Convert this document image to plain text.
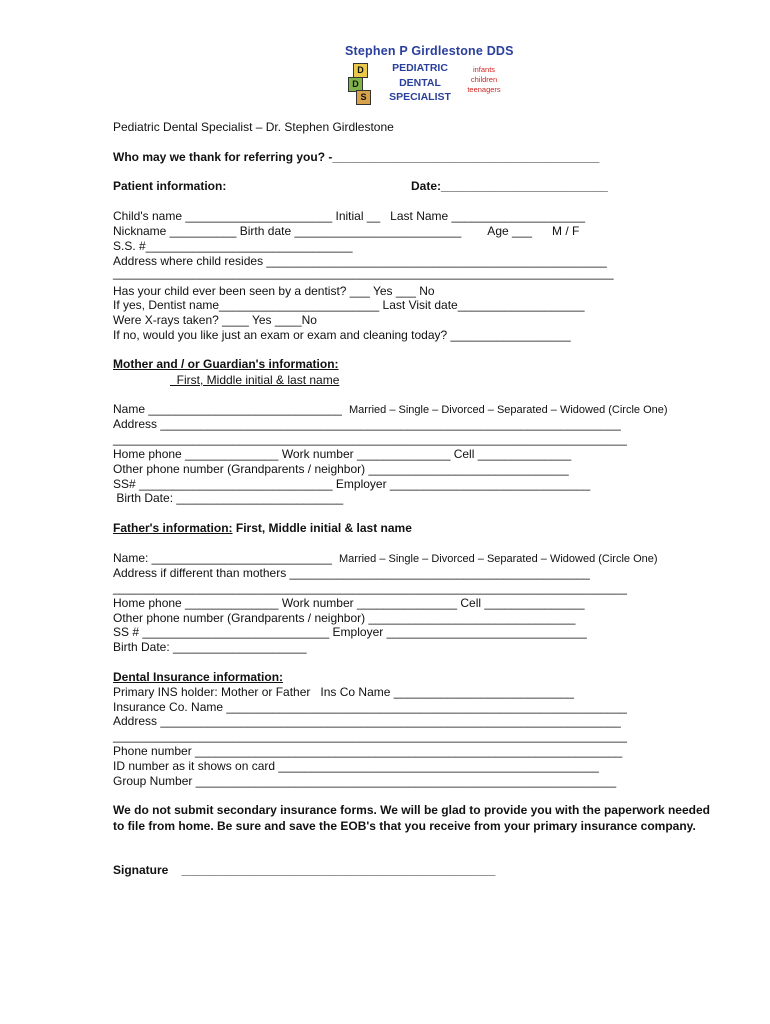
Stephen P Girdlestone DDS
D
D
S
PEDIATRIC
DENTAL
SPECIALIST
infants
children
teenagers
Pediatric Dental Specialist – Dr. Stephen Girdlestone
Who may we thank for referring you? -________________________________________
Patient information:	Date:_________________________
Child's name ______________________ Initial __   Last Name ____________________
Nickname __________ Birth date _________________________        Age ___      M / F
S.S. #_______________________________
Address where child resides ___________________________________________________
___________________________________________________________________________
Has your child ever been seen by a dentist? ___ Yes ___ No
If yes, Dentist name________________________ Last Visit date___________________
Were X-rays taken? ____ Yes ____No
If no, would you like just an exam or exam and cleaning today? __________________
Mother and / or Guardian's information:
First, Middle initial & last name
Name _____________________________ Married – Single – Divorced – Separated – Widowed (Circle One)
Address _____________________________________________________________________
_____________________________________________________________________________
Home phone ______________ Work number ______________ Cell ______________
Other phone number (Grandparents / neighbor) ______________________________
SS# _____________________________ Employer ______________________________
Birth Date: _________________________
Father's information: First, Middle initial & last name
Name: ___________________________ Married – Single – Divorced – Separated – Widowed (Circle One)
Address if different than mothers _____________________________________________
_____________________________________________________________________________
Home phone ______________ Work number _______________ Cell _______________
Other phone number (Grandparents / neighbor) _______________________________
SS # ____________________________ Employer ______________________________
Birth Date: ____________________
Dental Insurance information:
Primary INS holder: Mother or Father   Ins Co Name ___________________________
Insurance Co. Name ____________________________________________________________
Address _____________________________________________________________________
_____________________________________________________________________________
Phone number ________________________________________________________________
ID number as it shows on card ________________________________________________
Group Number _______________________________________________________________
We do not submit secondary insurance forms. We will be glad to provide you with the paperwork needed to file from home. Be sure and save the EOB's that you receive from your primary insurance company.
Signature    _______________________________________________
